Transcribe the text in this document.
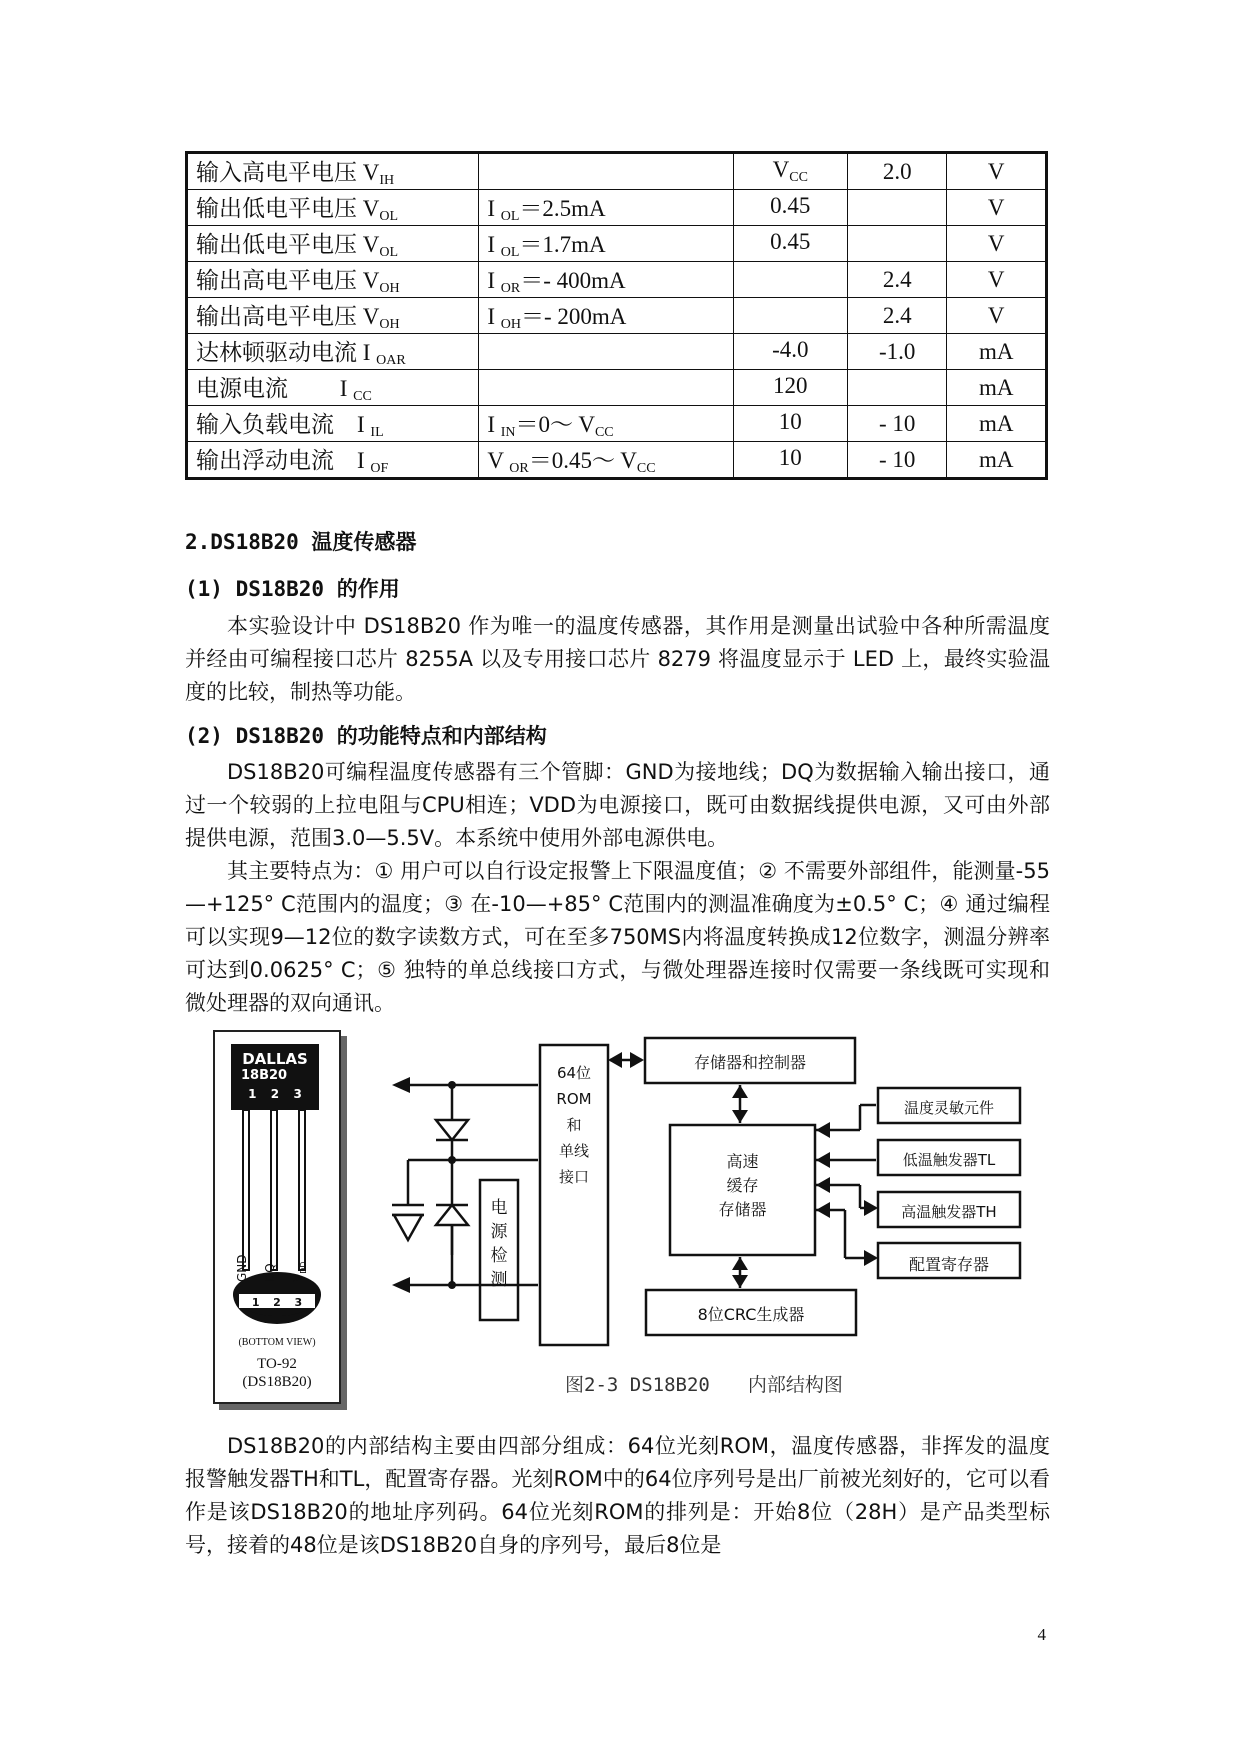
输入高电平电压 $V_{IH}$		$V_{CC}$	2.0	V
输出低电平电压 $V_{OL}$	I $_{OL}$＝2.5mA	0.45		V
输出低电平电压 $V_{OL}$	I $_{OL}$＝1.7mA	0.45		V
输出高电平电压 $V_{OH}$	I $_{OR}$＝- 400mA		2.4	V
输出高电平电压 $V_{OH}$	I $_{OH}$＝- 200mA		2.4	V
达林顿驱动电流 I $_{OAR}$		-4.0	-1.0	mA
电源电流　　 I $_{CC}$		120		mA
输入负载电流　I $_{IL}$	I $_{IN}$＝0～ $V_{CC}$	10	- 10	mA
输出浮动电流　I $_{OF}$	V $_{OR}$＝0.45～ $V_{CC}$	10	- 10	mA
2.DS18B20 温度传感器
(1) DS18B20 的作用

本实验设计中 DS18B20 作为唯一的温度传感器，其作用是测量出试验中各种所需温度并经由可编程接口芯片 8255A 以及专用接口芯片 8279 将温度显示于 LED 上，最终实验温度的比较，制热等功能。

(2) DS18B20 的功能特点和内部结构

DS18B20可编程温度传感器有三个管脚：GND为接地线；DQ为数据输入输出接口，通过一个较弱的上拉电阻与CPU相连；VDD为电源接口，既可由数据线提供电源，又可由外部提供电源，范围3.0—5.5V。本系统中使用外部电源供电。

其主要特点为：① 用户可以自行设定报警上下限温度值；② 不需要外部组件，能测量-55—+125° C范围内的温度；③ 在-10—+85° C范围内的测温准确度为±0.5° C；④ 通过编程可以实现9—12位的数字读数方式，可在至多750MS内将温度转换成12位数字，测温分辨率可达到0.0625° C；⑤ 独特的单总线接口方式，与微处理器连接时仅需要一条线既可实现和微处理器的双向通讯。

DALLAS
18B20
1 2 3
GND DQ $V_{DD}$
1 2 3
(BOTTOM VIEW)
TO-92
(DS18B20)
64位
ROM
和
单线
接口
电
源
检
测
存储器和控制器
高速
缓存
存储器
温度灵敏元件
低温触发器TL
高温触发器TH
配置寄存器
8位CRC生成器
图2-3 DS18B20　　内部结构图

DS18B20的内部结构主要由四部分组成：64位光刻ROM，温度传感器，非挥发的温度报警触发器TH和TL，配置寄存器。光刻ROM中的64位序列号是出厂前被光刻好的，它可以看作是该DS18B20的地址序列码。64位光刻ROM的排列是：开始8位（28H）是产品类型标号，接着的48位是该DS18B20自身的序列号，最后8位是

4
